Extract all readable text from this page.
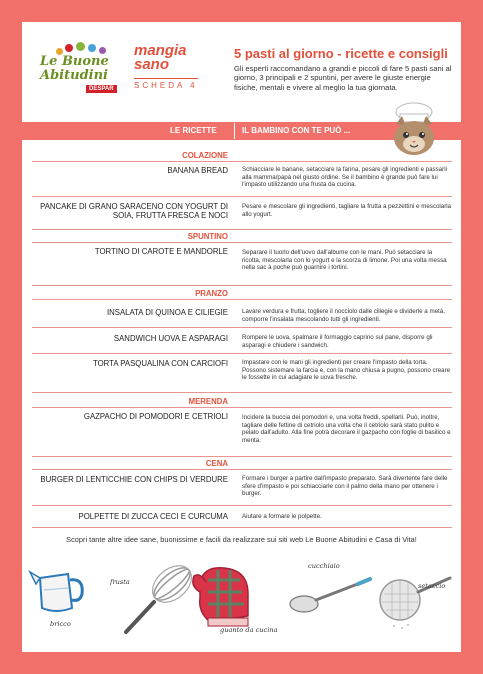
Le Buone
Abitudini
DESPAR
mangia sano
SCHEDA 4
5 pasti al giorno - ricette e consigli
Gli esperti raccomandano a grandi e piccoli di fare 5 pasti sani al giorno, 3 principali e 2 spuntini, per avere le giuste energie fisiche, mentali e vivere al meglio la tua giornata.
LE RICETTE	IL BAMBINO CON TE PUÒ ...
COLAZIONE
BANANA BREAD Schiacciare le banane, setacciare la farina, pesare gli ingredienti e passarli alla mamma/papà nel giusto ordine. Se il bambino è grande può fare lui l'impasto utilizzando una frusta da cucina.
PANCAKE DI GRANO SARACENO CON YOGURT DI SOIA, FRUTTA FRESCA E NOCI
Pesare e mescolare gli ingredienti, tagliare la frutta a pezzettini e mescolarla allo yogurt.
SPUNTINO
TORTINO DI CAROTE E MANDORLE Separare il tuorlo dell'uovo dall'albume con le mani. Può setacciare la ricotta, mescolarla con lo yogurt e la scorza di limone. Poi una volta messa nella sac à poche può guarnire i tortini.
PRANZO
INSALATA DI QUINOA E CILIEGIE Lavare verdura e frutta, togliere il nocciolo dalle ciliegie e dividerle a metà, comporre l'insalata mescolando tutti gli ingredienti.
SANDWICH UOVA E ASPARAGI Rompere le uova, spalmare il formaggio caprino sul pane, disporre gli asparagi e chiudere i sandwich.
TORTA PASQUALINA CON CARCIOFI Impastare con le mani gli ingredienti per creare l'impasto della torta. Possono sistemare la farcia e, con la mano chiusa a pugno, possono creare le fossette in cui adagiare le uova fresche.
MERENDA
GAZPACHO DI POMODORI E CETRIOLI Incidere la buccia dei pomodori e, una volta freddi, spellarli. Può, inoltre, tagliare delle fettine di cetriolo una volta che il cetriolo sarà stato pulito e pelato dall'adulto. Alla fine potrà decorare il gazpacho con foglie di basilico e menta.
CENA
BURGER DI LENTICCHIE CON CHIPS DI VERDURE Formare i burger a partire dall'impasto preparato. Sarà divertente fare delle sfere d'impasto e poi schiacciarle con il palmo della mano per ottenere i burger.
POLPETTE DI ZUCCA CECI E CURCUMA Aiutare a formare le polpette.
Scopri tante altre idee sane, buonissime e facili da realizzare sui siti web Le Buone Abitudini e Casa di Vita!
bricco
frusta
guanto da cucina
cucchiaio
setaccio
